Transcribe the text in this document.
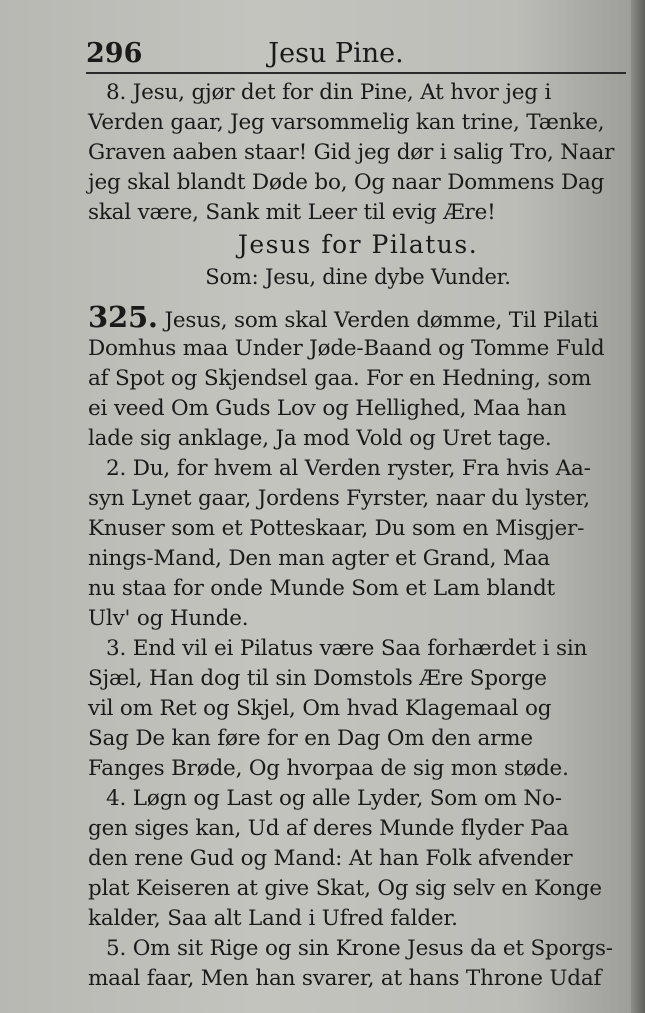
296	Jesu Pine.
8. Jesu, gjør det for din Pine, At hvor jeg i
Verden gaar, Jeg varsommelig kan trine, Tænke,
Graven aaben staar! Gid jeg dør i salig Tro, Naar
jeg skal blandt Døde bo, Og naar Dommens Dag
skal være, Sank mit Leer til evig Ære!
Jesus for Pilatus.
Som: Jesu, dine dybe Vunder.
325. Jesus, som skal Verden dømme, Til Pilati
Domhus maa Under Jøde-Baand og Tomme Fuld
af Spot og Skjendsel gaa. For en Hedning, som
ei veed Om Guds Lov og Hellighed, Maa han
lade sig anklage, Ja mod Vold og Uret tage.
2. Du, for hvem al Verden ryster, Fra hvis Aa-
syn Lynet gaar, Jordens Fyrster, naar du lyster,
Knuser som et Potteskaar, Du som en Misgjer-
nings-Mand, Den man agter et Grand, Maa
nu staa for onde Munde Som et Lam blandt
Ulv' og Hunde.
3. End vil ei Pilatus være Saa forhærdet i sin
Sjæl, Han dog til sin Domstols Ære Sporge
vil om Ret og Skjel, Om hvad Klagemaal og
Sag De kan føre for en Dag Om den arme
Fanges Brøde, Og hvorpaa de sig mon støde.
4. Løgn og Last og alle Lyder, Som om No-
gen siges kan, Ud af deres Munde flyder Paa
den rene Gud og Mand: At han Folk afvender
plat Keiseren at give Skat, Og sig selv en Konge
kalder, Saa alt Land i Ufred falder.
5. Om sit Rige og sin Krone Jesus da et Sporgs-
maal faar, Men han svarer, at hans Throne Udaf
